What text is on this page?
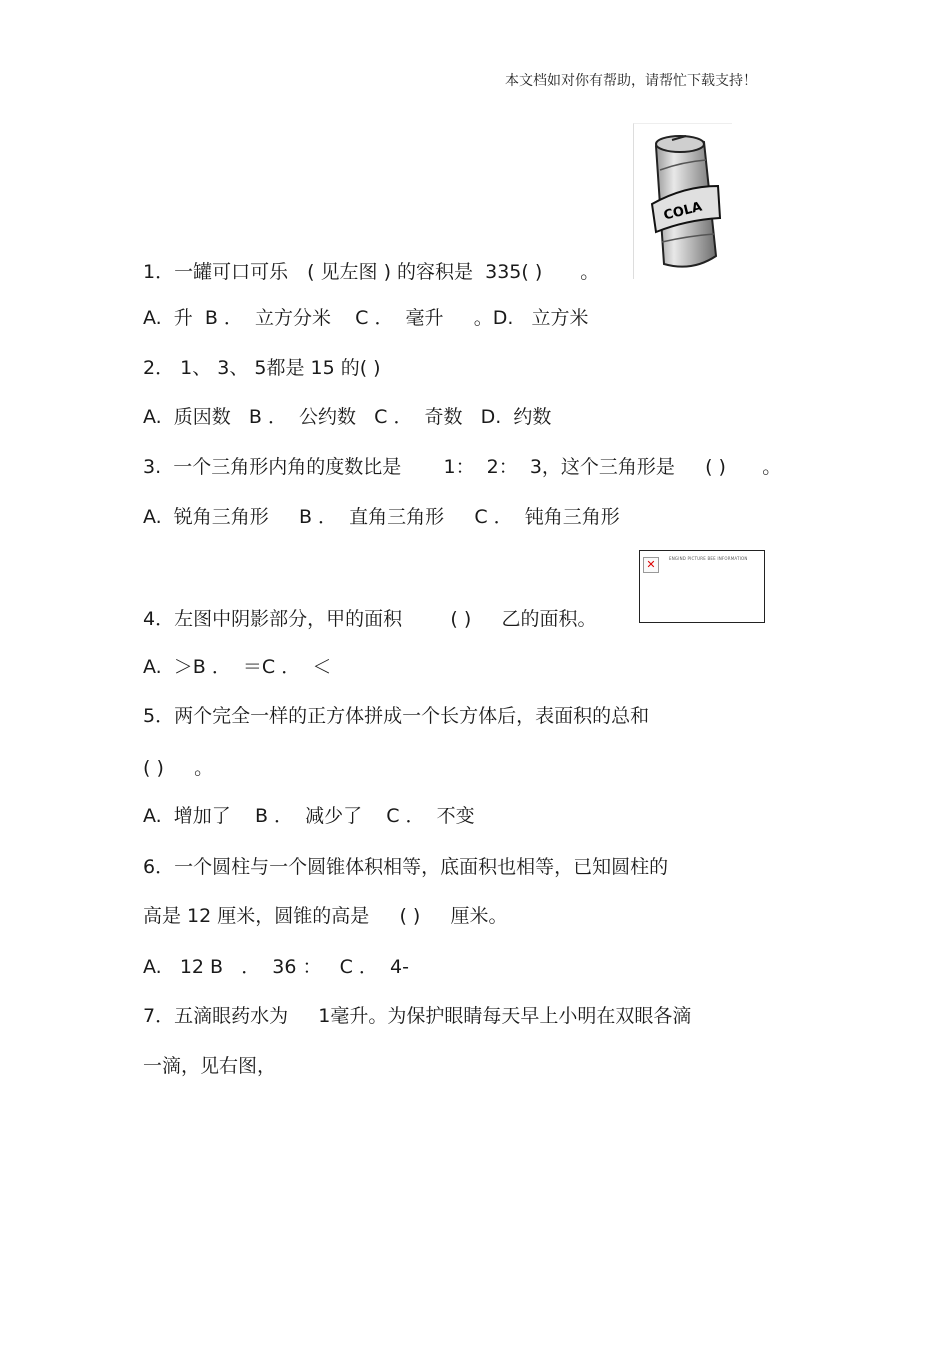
本文档如对你有帮助，请帮忙下载支持！
COLA
✕	ENGIND PICTURE BEE INFORMATION
1．一罐可口可乐　( 见左图 ) 的容积是  335( )　　。
A.  升  B ．  立方分米    C ．  毫升     。D.   立方米
2． 1、 3、 5都是 15 的( )
A.  质因数   B ．  公约数   C ．  奇数   D.  约数
3.  一个三角形内角的度数比是       1：  2：  3，这个三角形是     ( )      。
A.  锐角三角形     B ．  直角三角形     C ．  钝角三角形
4．左图中阴影部分，甲的面积        ( )     乙的面积。
A.  ＞B ．  ＝C ．  ＜
5．两个完全一样的正方体拼成一个长方体后，表面积的总和
( )     。
A.  增加了    B ．  减少了    C ．  不变
6．一个圆柱与一个圆锥体积相等，底面积也相等，已知圆柱的
高是 12 厘米，圆锥的高是     ( )     厘米。
A.   12 B   ．  36 ：   C ．  4-
7．五滴眼药水为     1毫升。为保护眼睛每天早上小明在双眼各滴
一滴，见右图，
